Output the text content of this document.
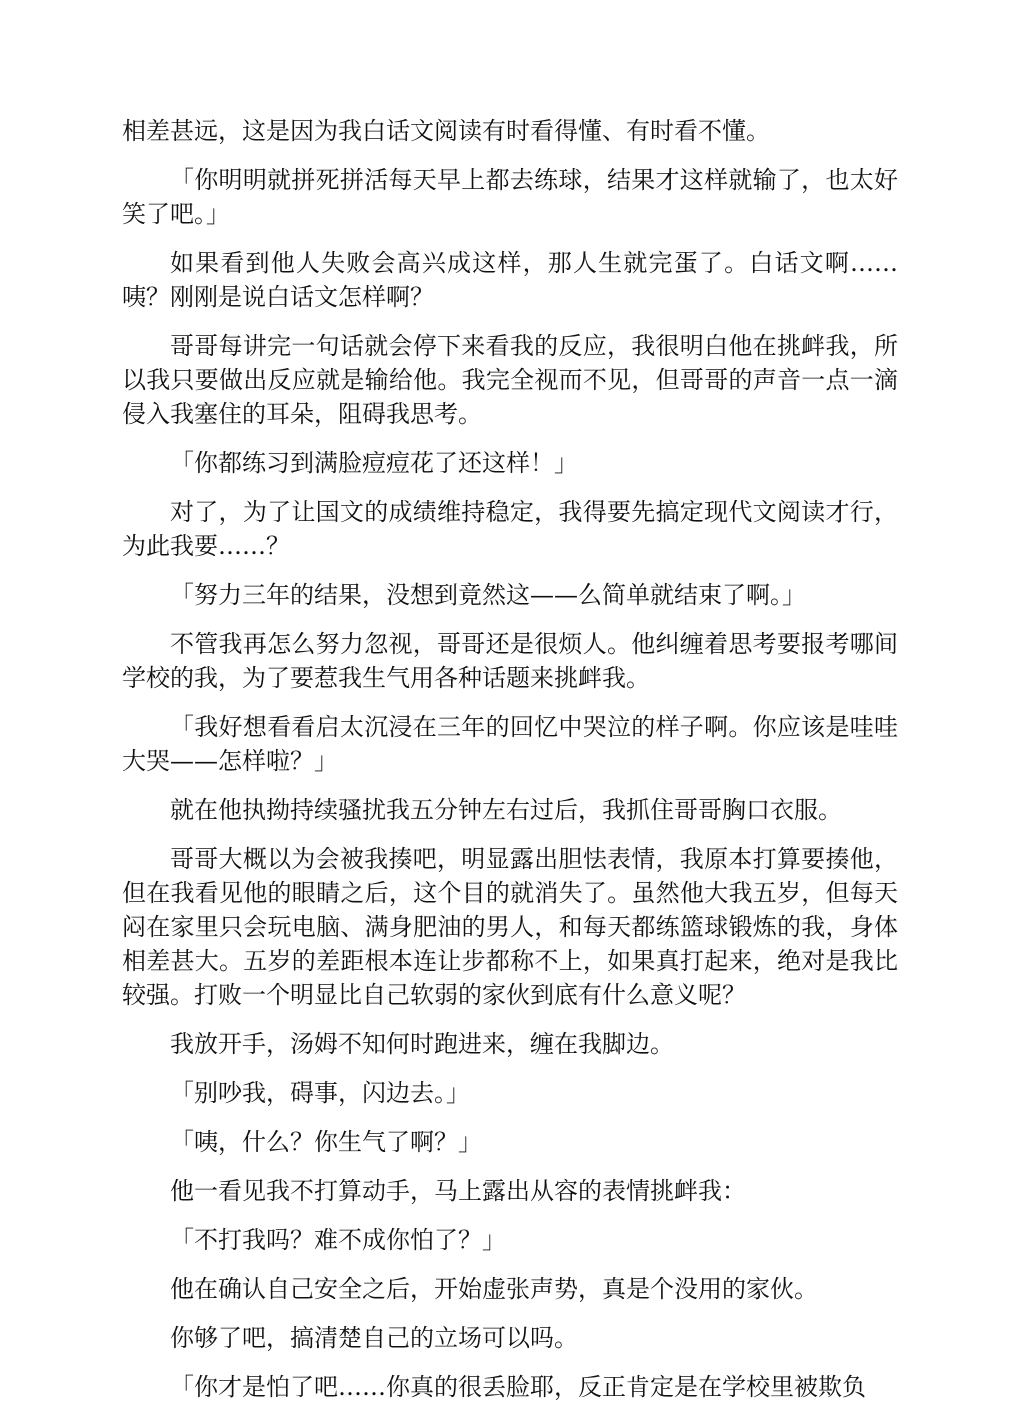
相差甚远，这是因为我白话文阅读有时看得懂、有时看不懂。

「你明明就拼死拼活每天早上都去练球，结果才这样就输了，也太好笑了吧。」

如果看到他人失败会高兴成这样，那人生就完蛋了。白话文啊……咦？刚刚是说白话文怎样啊？

哥哥每讲完一句话就会停下来看我的反应，我很明白他在挑衅我，所以我只要做出反应就是输给他。我完全视而不见，但哥哥的声音一点一滴侵入我塞住的耳朵，阻碍我思考。

「你都练习到满脸痘痘花了还这样！」

对了，为了让国文的成绩维持稳定，我得要先搞定现代文阅读才行，为此我要……？

「努力三年的结果，没想到竟然这——么简单就结束了啊。」

不管我再怎么努力忽视，哥哥还是很烦人。他纠缠着思考要报考哪间学校的我，为了要惹我生气用各种话题来挑衅我。

「我好想看看启太沉浸在三年的回忆中哭泣的样子啊。你应该是哇哇大哭——怎样啦？」

就在他执拗持续骚扰我五分钟左右过后，我抓住哥哥胸口衣服。

哥哥大概以为会被我揍吧，明显露出胆怯表情，我原本打算要揍他，但在我看见他的眼睛之后，这个目的就消失了。虽然他大我五岁，但每天闷在家里只会玩电脑、满身肥油的男人，和每天都练篮球锻炼的我，身体相差甚大。五岁的差距根本连让步都称不上，如果真打起来，绝对是我比较强。打败一个明显比自己软弱的家伙到底有什么意义呢？

我放开手，汤姆不知何时跑进来，缠在我脚边。

「别吵我，碍事，闪边去。」

「咦，什么？你生气了啊？」

他一看见我不打算动手，马上露出从容的表情挑衅我：

「不打我吗？难不成你怕了？」

他在确认自己安全之后，开始虚张声势，真是个没用的家伙。

你够了吧，搞清楚自己的立场可以吗。

「你才是怕了吧……你真的很丢脸耶，反正肯定是在学校里被欺负
